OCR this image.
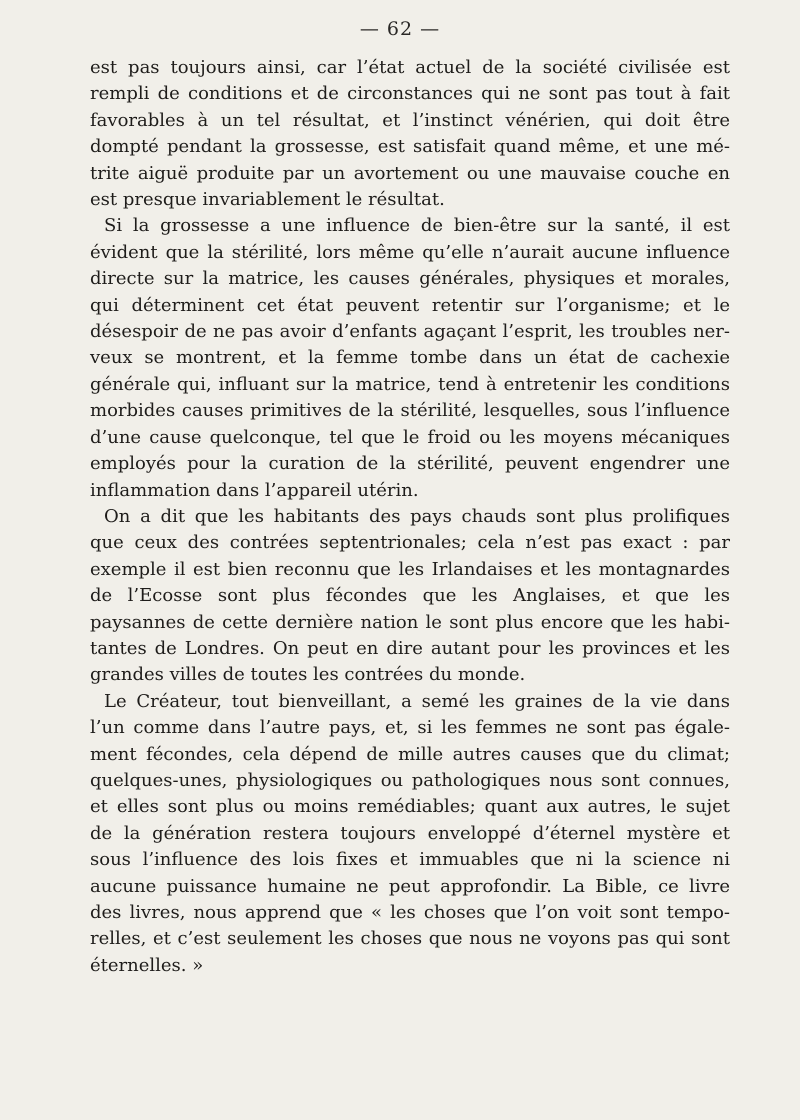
— 62 —
est pas toujours ainsi, car l’état actuel de la société civilisée est
rempli de conditions et de circonstances qui ne sont pas tout à fait
favorables à un tel résultat, et l’instinct vénérien, qui doit être
dompté pendant la grossesse, est satisfait quand même, et une mé-
trite aiguë produite par un avortement ou une mauvaise couche en
est presque invariablement le résultat.
Si la grossesse a une influence de bien-être sur la santé, il est
évident que la stérilité, lors même qu’elle n’aurait aucune influence
directe sur la matrice, les causes générales, physiques et morales,
qui déterminent cet état peuvent retentir sur l’organisme; et le
désespoir de ne pas avoir d’enfants agaçant l’esprit, les troubles ner-
veux se montrent, et la femme tombe dans un état de cachexie
générale qui, influant sur la matrice, tend à entretenir les conditions
morbides causes primitives de la stérilité, lesquelles, sous l’influence
d’une cause quelconque, tel que le froid ou les moyens mécaniques
employés pour la curation de la stérilité, peuvent engendrer une
inflammation dans l’appareil utérin.
On a dit que les habitants des pays chauds sont plus prolifiques
que ceux des contrées septentrionales; cela n’est pas exact : par
exemple il est bien reconnu que les Irlandaises et les montagnardes
de l’Ecosse sont plus fécondes que les Anglaises, et que les
paysannes de cette dernière nation le sont plus encore que les habi-
tantes de Londres. On peut en dire autant pour les provinces et les
grandes villes de toutes les contrées du monde.
Le Créateur, tout bienveillant, a semé les graines de la vie dans
l’un comme dans l’autre pays, et, si les femmes ne sont pas égale-
ment fécondes, cela dépend de mille autres causes que du climat;
quelques-unes, physiologiques ou pathologiques nous sont connues,
et elles sont plus ou moins remédiables; quant aux autres, le sujet
de la génération restera toujours enveloppé d’éternel mystère et
sous l’influence des lois fixes et immuables que ni la science ni
aucune puissance humaine ne peut approfondir. La Bible, ce livre
des livres, nous apprend que « les choses que l’on voit sont tempo-
relles, et c’est seulement les choses que nous ne voyons pas qui sont
éternelles. »
